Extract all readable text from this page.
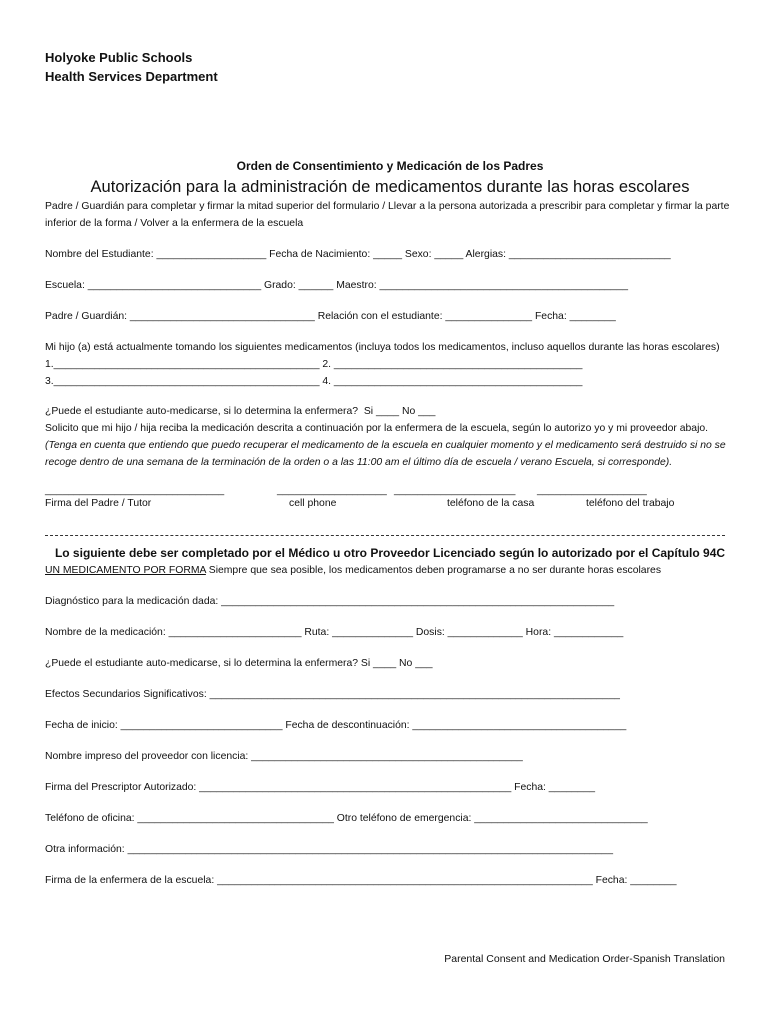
Holyoke Public Schools
Health Services Department
Orden de Consentimiento y Medicación de los Padres
Autorización para la administración de medicamentos durante las horas escolares
Padre / Guardián para completar y firmar la mitad superior del formulario / Llevar a la persona autorizada a prescribir para completar y firmar la parte inferior de la forma / Volver a la enfermera de la escuela
Nombre del Estudiante: ___________________ Fecha de Nacimiento: _____ Sexo: _____ Alergias: ____________________________
Escuela: ______________________________ Grado: ______ Maestro: ___________________________________________
Padre / Guardián: ________________________________ Relación con el estudiante: _______________ Fecha: ________
Mi hijo (a) está actualmente tomando los siguientes medicamentos (incluya todos los medicamentos, incluso aquellos durante las horas escolares)
1.______________________________________________ 2. ___________________________________________
3.______________________________________________ 4. ___________________________________________
¿Puede el estudiante auto-medicarse, si lo determina la enfermera?  Si ____ No ___
Solicito que mi hijo / hija reciba la medicación descrita a continuación por la enfermera de la escuela, según lo autorizo yo y mi proveedor abajo. (Tenga en cuenta que entiendo que puedo recuperar el medicamento de la escuela en cualquier momento y el medicamento será destruido si no se recoge dentro de una semana de la terminación de la orden o a las 11:00 am el último día de escuela / verano Escuela, si corresponde).
_______________________________	___________________ _____________________ ___________________
Firma del Padre / Tutor	cell phone	teléfono de la casa	teléfono del trabajo
Lo siguiente debe ser completado por el Médico u otro Proveedor Licenciado según lo autorizado por el Capítulo 94C
UN MEDICAMENTO POR FORMA Siempre que sea posible, los medicamentos deben programarse a no ser durante horas escolares
Diagnóstico para la medicación dada: ____________________________________________________________________
Nombre de la medicación: _______________________ Ruta: ______________ Dosis: _____________ Hora: ____________
¿Puede el estudiante auto-medicarse, si lo determina la enfermera? Si ____ No ___
Efectos Secundarios Significativos: _______________________________________________________________________
Fecha de inicio: ____________________________ Fecha de descontinuación: _____________________________________
Nombre impreso del proveedor con licencia: _______________________________________________
Firma del Prescriptor Autorizado: ______________________________________________________ Fecha: ________
Teléfono de oficina: __________________________________ Otro teléfono de emergencia: ______________________________
Otra información: ____________________________________________________________________________________
Firma de la enfermera de la escuela: _________________________________________________________________ Fecha: ________
Parental Consent and Medication Order-Spanish Translation
